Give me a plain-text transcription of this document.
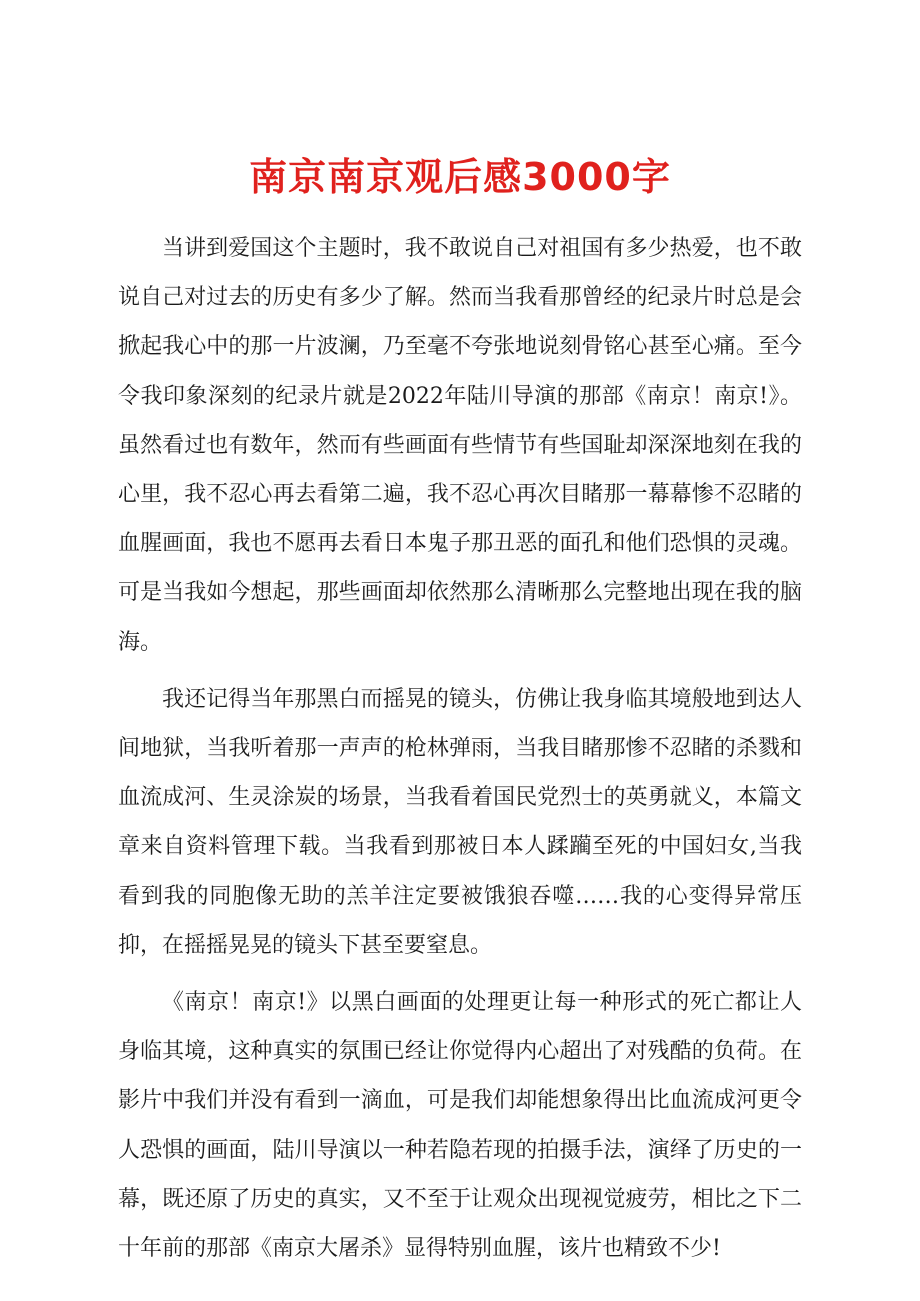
南京南京观后感3000字

当讲到爱国这个主题时，我不敢说自己对祖国有多少热爱，也不敢说自己对过去的历史有多少了解。然而当我看那曾经的纪录片时总是会掀起我心中的那一片波澜，乃至毫不夸张地说刻骨铭心甚至心痛。至今令我印象深刻的纪录片就是2022年陆川导演的那部《南京！南京!》。虽然看过也有数年，然而有些画面有些情节有些国耻却深深地刻在我的心里，我不忍心再去看第二遍，我不忍心再次目睹那一幕幕惨不忍睹的血腥画面，我也不愿再去看日本鬼子那丑恶的面孔和他们恐惧的灵魂。可是当我如今想起，那些画面却依然那么清晰那么完整地出现在我的脑海。

我还记得当年那黑白而摇晃的镜头，仿佛让我身临其境般地到达人间地狱，当我听着那一声声的枪林弹雨，当我目睹那惨不忍睹的杀戮和血流成河、生灵涂炭的场景，当我看着国民党烈士的英勇就义，本篇文章来自资料管理下载。当我看到那被日本人蹂躏至死的中国妇女,当我看到我的同胞像无助的羔羊注定要被饿狼吞噬……我的心变得异常压抑，在摇摇晃晃的镜头下甚至要窒息。

《南京！南京!》以黑白画面的处理更让每一种形式的死亡都让人身临其境，这种真实的氛围已经让你觉得内心超出了对残酷的负荷。在影片中我们并没有看到一滴血，可是我们却能想象得出比血流成河更令人恐惧的画面，陆川导演以一种若隐若现的拍摄手法，演绎了历史的一幕，既还原了历史的真实，又不至于让观众出现视觉疲劳，相比之下二十年前的那部《南京大屠杀》显得特别血腥，该片也精致不少!
